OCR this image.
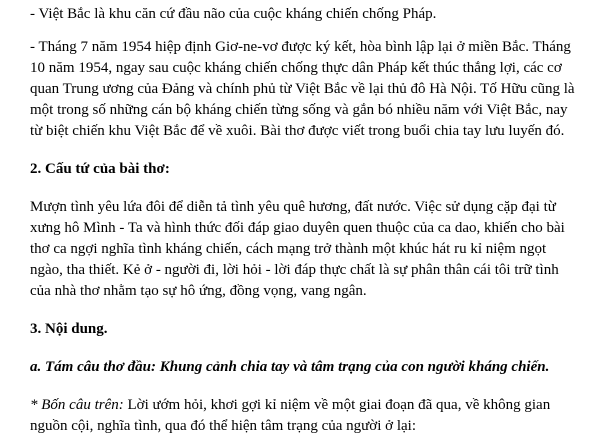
- Việt Bắc là khu căn cứ đầu não của cuộc kháng chiến chống Pháp.

- Tháng 7 năm 1954 hiệp định Giơ-ne-vơ được ký kết, hòa bình lập lại ở miền Bắc. Tháng 10 năm 1954, ngay sau cuộc kháng chiến chống thực dân Pháp kết thúc thắng lợi, các cơ quan Trung ương của Đảng và chính phủ từ Việt Bắc về lại thủ đô Hà Nội. Tố Hữu cũng là một trong số những cán bộ kháng chiến từng sống và gắn bó nhiều năm với Việt Bắc, nay từ biệt chiến khu Việt Bắc để về xuôi. Bài thơ được viết trong buổi chia tay lưu luyến đó.

2. Cấu tứ của bài thơ:

Mượn tình yêu lứa đôi để diễn tả tình yêu quê hương, đất nước. Việc sử dụng cặp đại từ xưng hô Mình - Ta và hình thức đối đáp giao duyên quen thuộc của ca dao, khiến cho bài thơ ca ngợi nghĩa tình kháng chiến, cách mạng trở thành một khúc hát ru kỉ niệm ngọt ngào, tha thiết. Kẻ ở - người đi, lời hỏi - lời đáp thực chất là sự phân thân cái tôi trữ tình của nhà thơ nhằm tạo sự hô ứng, đồng vọng, vang ngân.

3. Nội dung.

a. Tám câu thơ đầu: Khung cảnh chia tay và tâm trạng của con người kháng chiến.

* Bốn câu trên: Lời ướm hỏi, khơi gợi kỉ niệm về một giai đoạn đã qua, về không gian nguồn cội, nghĩa tình, qua đó thể hiện tâm trạng của người ở lại:
